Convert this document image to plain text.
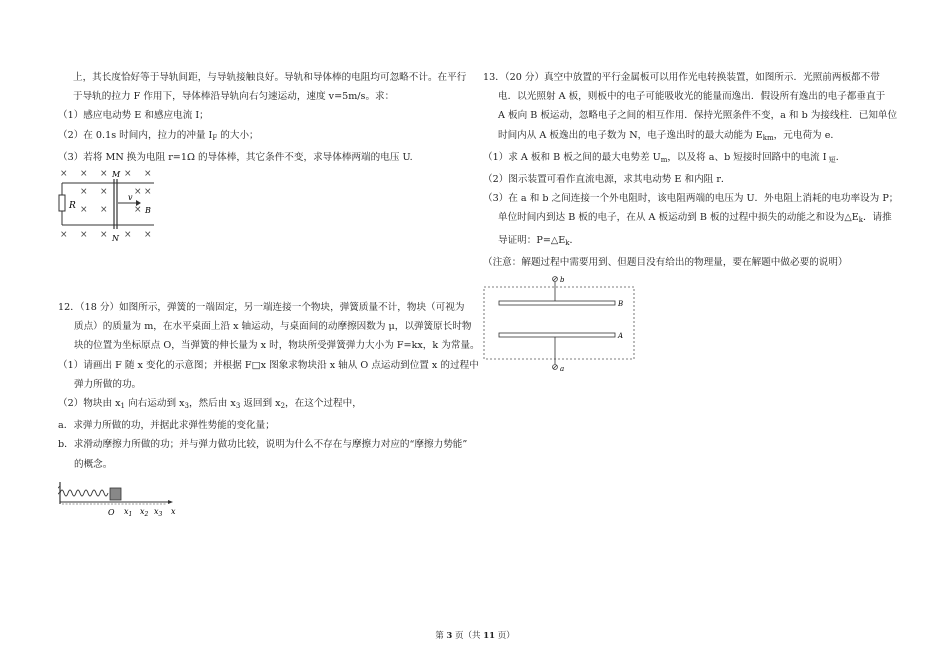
上，其长度恰好等于导轨间距，与导轨接触良好。导轨和导体棒的电阻均可忽略不计。在平行
于导轨的拉力 F 作用下，导体棒沿导轨向右匀速运动，速度 v=5m/s。求：
（1）感应电动势 E 和感应电流 I；
（2）在 0.1s 时间内，拉力的冲量 $I_F$ 的大小；
（3）若将 MN 换为电阻 r=1Ω 的导体棒，其它条件不变，求导体棒两端的电压 U.
× × × × ×
× ×	× ×
× ×	×
× × × × ×
R
M
N
v
B
12．（18 分）如图所示，弹簧的一端固定，另一端连接一个物块，弹簧质量不计，物块（可视为
质点）的质量为 m，在水平桌面上沿 x 轴运动，与桌面间的动摩擦因数为 μ，以弹簧原长时物
块的位置为坐标原点 O，当弹簧的伸长量为 x 时，物块所受弹簧弹力大小为 F=kx，k 为常量。
（1）请画出 F 随 x 变化的示意图；并根据 F□x 图象求物块沿 x 轴从 O 点运动到位置 x 的过程中
弹力所做的功。
（2）物块由 $x_1$ 向右运动到 $x_3$，然后由 $x_3$ 返回到 $x_2$，在这个过程中，
a．求弹力所做的功，并据此求弹性势能的变化量；
b．求滑动摩擦力所做的功；并与弹力做功比较，说明为什么不存在与摩擦力对应的“摩擦力势能”
的概念。
O $x_1$ $x_2$ $x_3$ x
13．（20 分）真空中放置的平行金属板可以用作光电转换装置，如图所示．光照前两板都不带
电．以光照射 A 板，则板中的电子可能吸收光的能量而逸出．假设所有逸出的电子都垂直于
A 板向 B 板运动，忽略电子之间的相互作用．保持光照条件不变，a 和 b 为接线柱．已知单位
时间内从 A 板逸出的电子数为 N，电子逸出时的最大动能为 $E_{km}$，元电荷为 e．
（1）求 A 板和 B 板之间的最大电势差 $U_m$，以及将 a、b 短接时回路中的电流 I $_短$．
（2）图示装置可看作直流电源，求其电动势 E 和内阻 r．
（3）在 a 和 b 之间连接一个外电阻时，该电阻两端的电压为 U．外电阻上消耗的电功率设为 P；
单位时间内到达 B 板的电子，在从 A 板运动到 B 板的过程中损失的动能之和设为$\triangle E_k$．请推
导证明：$P=\triangle E_k$．
（注意：解题过程中需要用到、但题目没有给出的物理量，要在解题中做必要的说明）
b
B
A
a
第 3 页（共 11 页）
